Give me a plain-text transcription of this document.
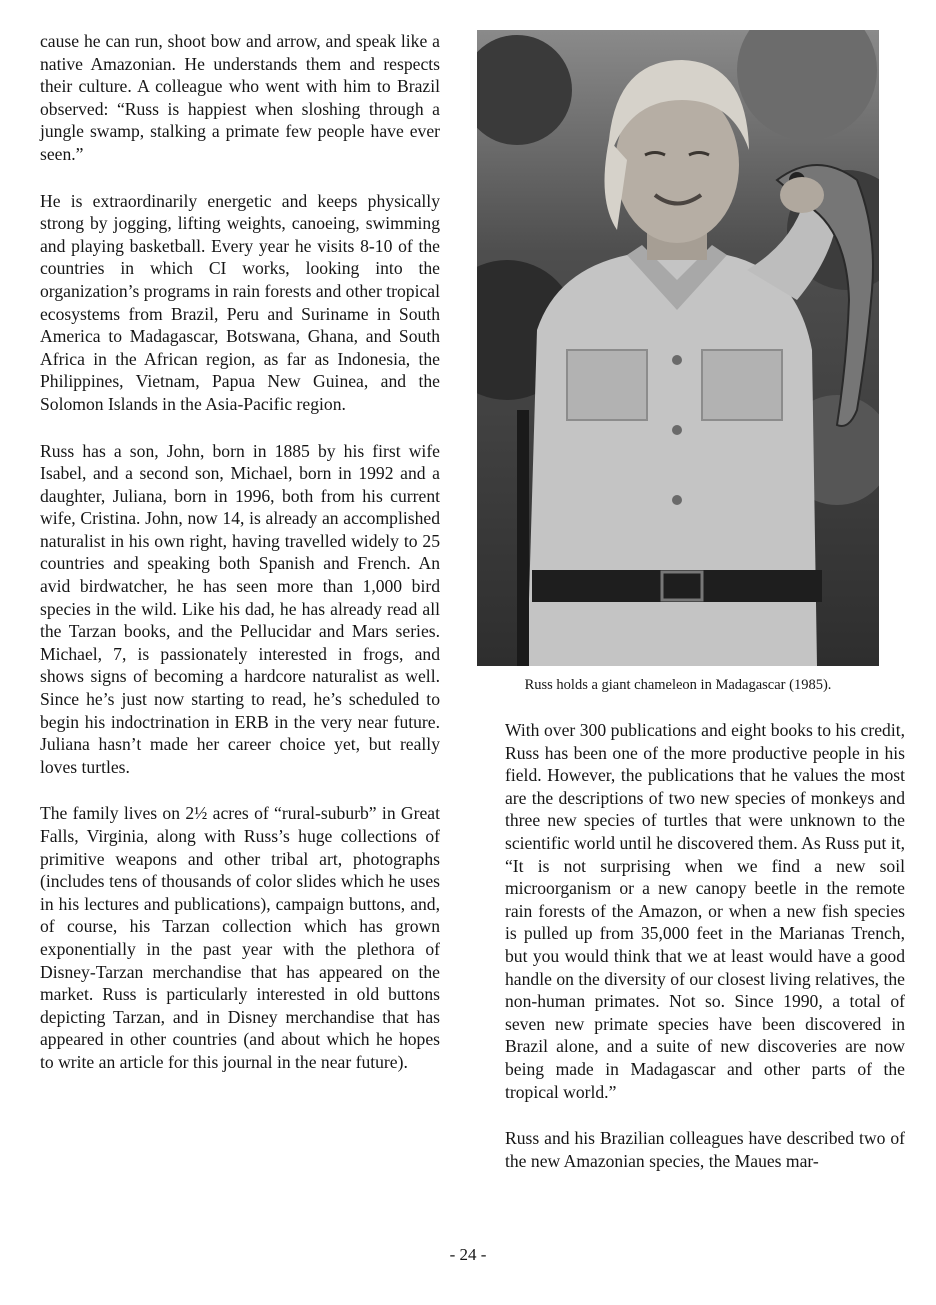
cause he can run, shoot bow and arrow, and speak like a native Amazonian. He understands them and respects their culture. A colleague who went with him to Brazil observed: “Russ is happiest when sloshing through a jungle swamp, stalking a primate few people have ever seen.”

He is extraordinarily energetic and keeps physically strong by jogging, lifting weights, canoeing, swimming and playing basketball. Every year he visits 8-10 of the countries in which CI works, looking into the organization’s programs in rain forests and other tropical ecosystems from Brazil, Peru and Suriname in South America to Madagascar, Botswana, Ghana, and South Africa in the African region, as far as Indonesia, the Philippines, Vietnam, Papua New Guinea, and the Solomon Islands in the Asia-Pacific region.

Russ has a son, John, born in 1885 by his first wife Isabel, and a second son, Michael, born in 1992 and a daughter, Juliana, born in 1996, both from his current wife, Cristina. John, now 14, is already an accomplished naturalist in his own right, having travelled widely to 25 countries and speaking both Spanish and French. An avid birdwatcher, he has seen more than 1,000 bird species in the wild. Like his dad, he has already read all the Tarzan books, and the Pellucidar and Mars series. Michael, 7, is passionately interested in frogs, and shows signs of becoming a hardcore naturalist as well. Since he’s just now starting to read, he’s scheduled to begin his indoctrination in ERB in the very near future. Juliana hasn’t made her career choice yet, but really loves turtles.

The family lives on 2½ acres of “rural-suburb” in Great Falls, Virginia, along with Russ’s huge collections of primitive weapons and other tribal art, photographs (includes tens of thousands of color slides which he uses in his lectures and publications), campaign buttons, and, of course, his Tarzan collection which has grown exponentially in the past year with the plethora of Disney-Tarzan merchandise that has appeared on the market. Russ is particularly interested in old buttons depicting Tarzan, and in Disney merchandise that has appeared in other countries (and about which he hopes to write an article for this journal in the near future).

Russ holds a giant chameleon in Madagascar (1985).

With over 300 publications and eight books to his credit, Russ has been one of the more productive people in his field. However, the publications that he values the most are the descriptions of two new species of monkeys and three new species of turtles that were unknown to the scientific world until he discovered them. As Russ put it, “It is not surprising when we find a new soil microorganism or a new canopy beetle in the remote rain forests of the Amazon, or when a new fish species is pulled up from 35,000 feet in the Marianas Trench, but you would think that we at least would have a good handle on the diversity of our closest living relatives, the non-human primates. Not so. Since 1990, a total of seven new primate species have been discovered in Brazil alone, and a suite of new discoveries are now being made in Madagascar and other parts of the tropical world.”

Russ and his Brazilian colleagues have described two of the new Amazonian species, the Maues mar-

- 24 -
